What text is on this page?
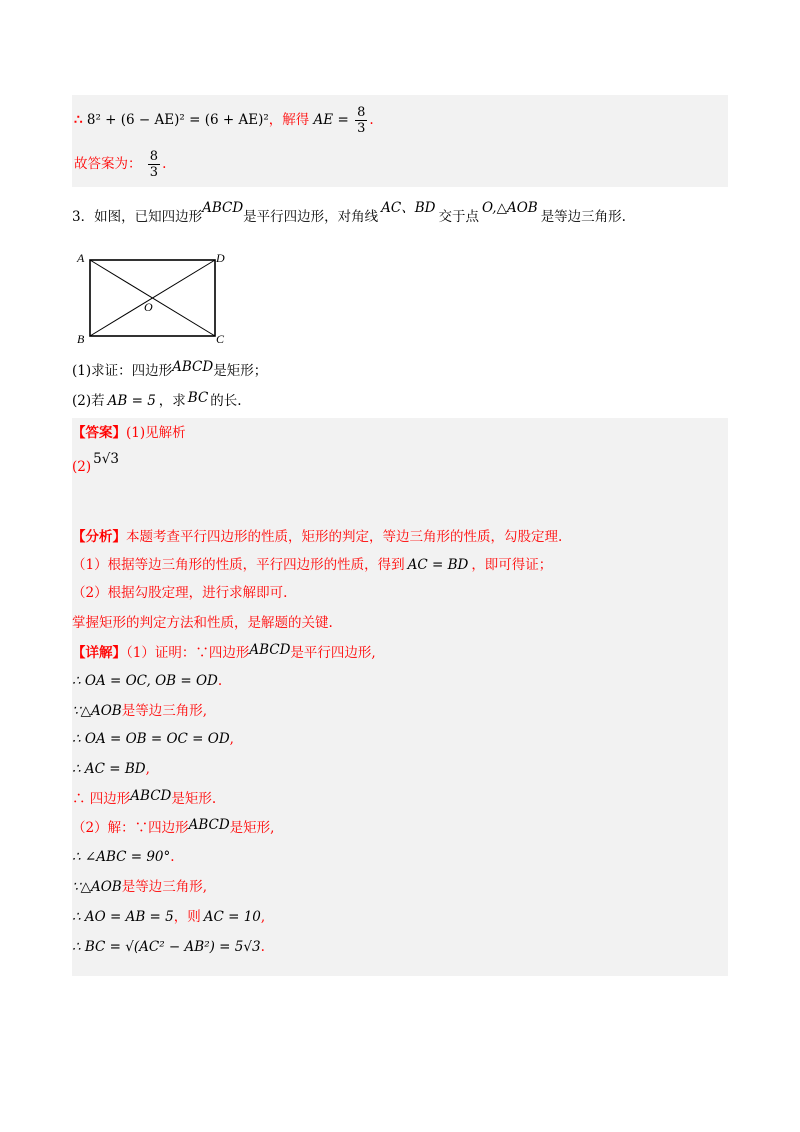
∴ 8² + (6 − AE)² = (6 + AE)²，解得 AE = $\frac{8}{3}$ .
故答案为： $\frac{8}{3}$ .
3．如图，已知四边形ABCD是平行四边形，对角线AC、BD交于点O,△AOB是等边三角形.
A
B	C
D
O
(1)求证：四边形ABCD是矩形；
(2)若 AB = 5 ，求 BC 的长.
【答案】(1)见解析
(2) 5√3
【分析】本题考查平行四边形的性质，矩形的判定，等边三角形的性质，勾股定理.
（1）根据等边三角形的性质，平行四边形的性质，得到 AC = BD ，即可得证；
（2）根据勾股定理，进行求解即可.
掌握矩形的判定方法和性质，是解题的关键.
【详解】（1）证明：∵四边形ABCD是平行四边形,
∴ OA = OC, OB = OD.
∵△AOB是等边三角形,
∴ OA = OB = OC = OD,
∴ AC = BD,
∴ 四边形ABCD是矩形.
（2）解：∵四边形ABCD是矩形,
∴ ∠ABC = 90°.
∵△AOB是等边三角形,
∴ AO = AB = 5，则 AC = 10,
∴ BC = √(AC² − AB²) = 5√3.
